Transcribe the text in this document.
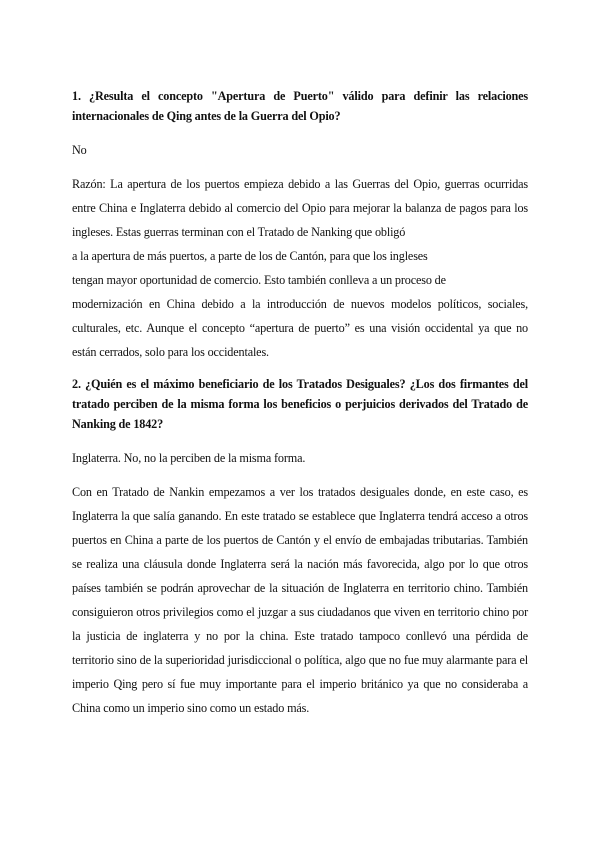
1. ¿Resulta el concepto "Apertura de Puerto" válido para definir las relaciones internacionales de Qing antes de la Guerra del Opio?

No

Razón: La apertura de los puertos empieza debido a las Guerras del Opio, guerras ocurridas entre China e Inglaterra debido al comercio del Opio para mejorar la balanza de pagos para los ingleses. Estas guerras terminan con el Tratado de Nanking que obligó

a la apertura de más puertos, a parte de los de Cantón, para que los ingleses

tengan mayor oportunidad de comercio. Esto también conlleva a un proceso de

modernización en China debido a la introducción de nuevos modelos políticos, sociales, culturales, etc. Aunque el concepto “apertura de puerto” es una visión occidental ya que no están cerrados, solo para los occidentales.

2. ¿Quién es el máximo beneficiario de los Tratados Desiguales? ¿Los dos firmantes del tratado perciben de la misma forma los beneficios o perjuicios derivados del Tratado de Nanking de 1842?

Inglaterra. No, no la perciben de la misma forma.

Con en Tratado de Nankin empezamos a ver los tratados desiguales donde, en este caso, es Inglaterra la que salía ganando. En este tratado se establece que Inglaterra tendrá acceso a otros puertos en China a parte de los puertos de Cantón y el envío de embajadas tributarias. También se realiza una cláusula donde Inglaterra será la nación más favorecida, algo por lo que otros países también se podrán aprovechar de la situación de Inglaterra en territorio chino. También consiguieron otros privilegios como el juzgar a sus ciudadanos que viven en territorio chino por la justicia de inglaterra y no por la china. Este tratado tampoco conllevó una pérdida de territorio sino de la superioridad jurisdiccional o política, algo que no fue muy alarmante para el imperio Qing pero sí fue muy importante para el imperio británico ya que no consideraba a China como un imperio sino como un estado más.
